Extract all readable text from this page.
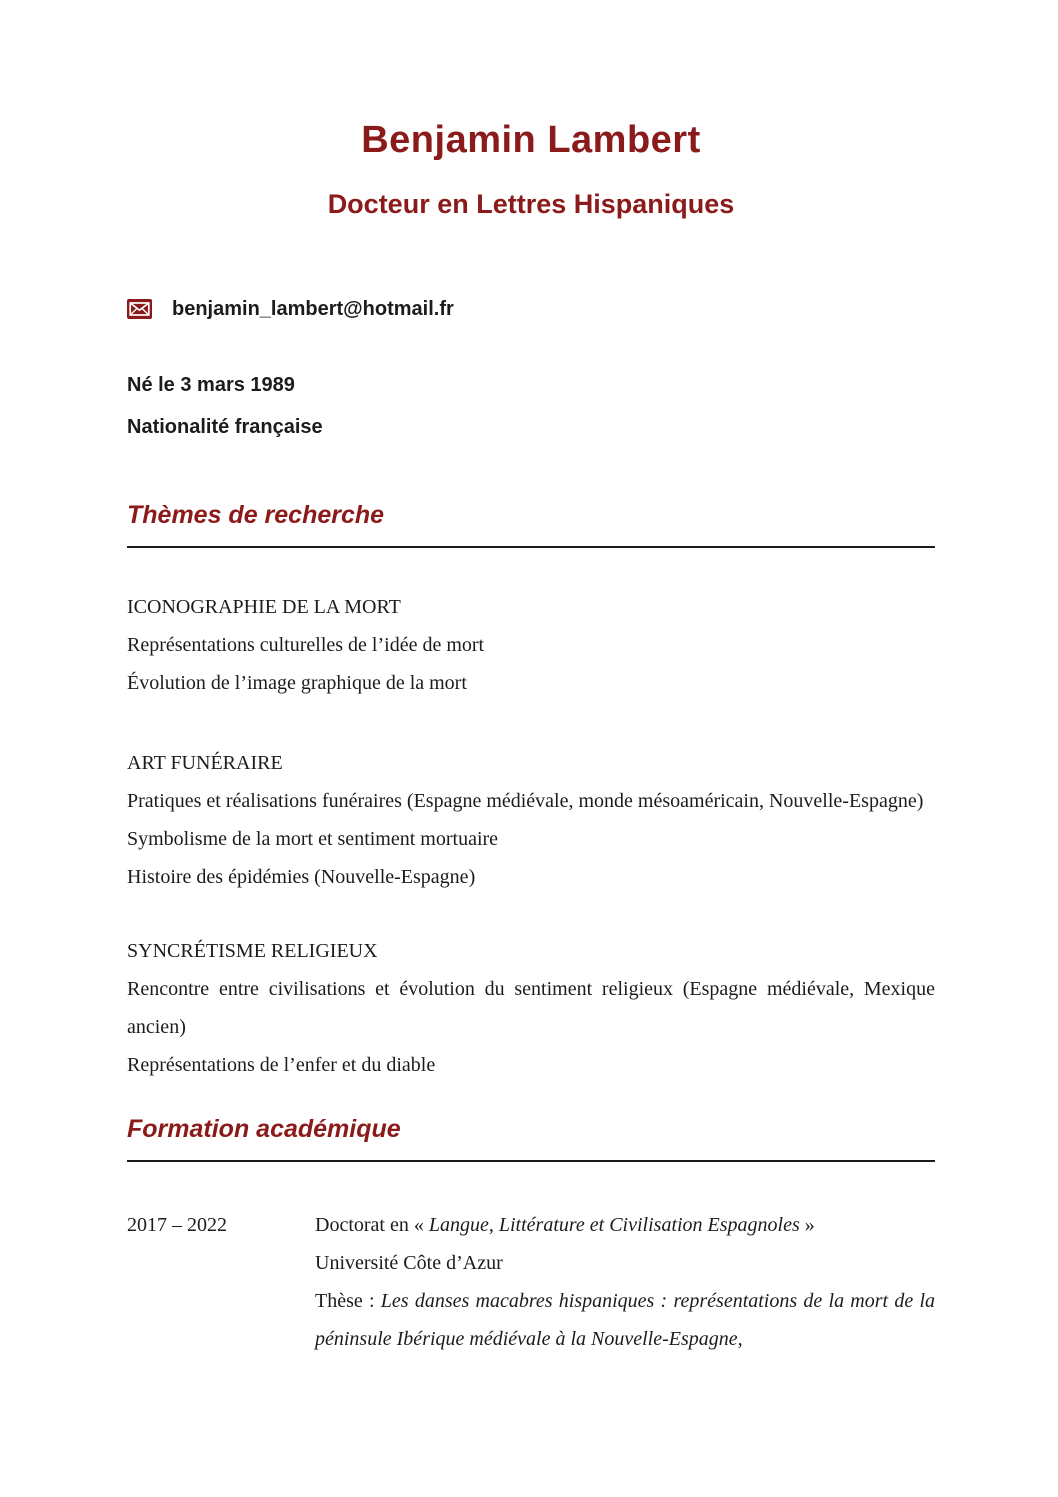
Benjamin Lambert
Docteur en Lettres Hispaniques
benjamin_lambert@hotmail.fr

Né le 3 mars 1989

Nationalité française

Thèmes de recherche

ICONOGRAPHIE DE LA MORT

Représentations culturelles de l’idée de mort

Évolution de l’image graphique de la mort

ART FUNÉRAIRE

Pratiques et réalisations funéraires (Espagne médiévale, monde mésoaméricain, Nouvelle-Espagne)

Symbolisme de la mort et sentiment mortuaire

Histoire des épidémies (Nouvelle-Espagne)

SYNCRÉTISME RELIGIEUX

Rencontre entre civilisations et évolution du sentiment religieux (Espagne médiévale, Mexique ancien)

Représentations de l’enfer et du diable

Formation académique
2017 – 2022	Doctorat en « Langue, Littérature et Civilisation Espagnoles »

Université Côte d’Azur

Thèse : Les danses macabres hispaniques : représentations de la mort de la péninsule Ibérique médiévale à la Nouvelle-Espagne,
